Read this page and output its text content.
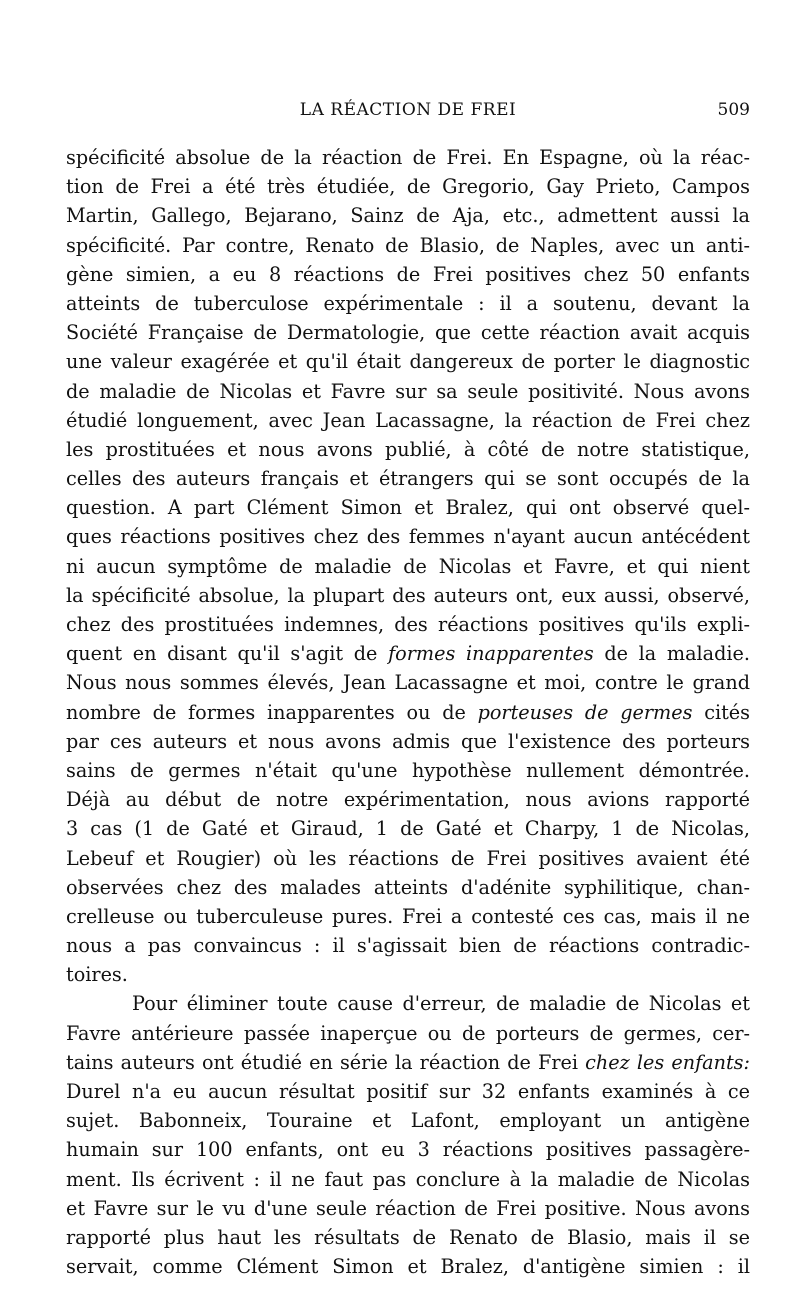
LA RÉACTION DE FREI	509
spécificité absolue de la réaction de Frei. En Espagne, où la réac-
tion de Frei a été très étudiée, de Gregorio, Gay Prieto, Campos
Martin, Gallego, Bejarano, Sainz de Aja, etc., admettent aussi la
spécificité. Par contre, Renato de Blasio, de Naples, avec un anti-
gène simien, a eu 8 réactions de Frei positives chez 50 enfants
atteints de tuberculose expérimentale : il a soutenu, devant la
Société Française de Dermatologie, que cette réaction avait acquis
une valeur exagérée et qu'il était dangereux de porter le diagnostic
de maladie de Nicolas et Favre sur sa seule positivité. Nous avons
étudié longuement, avec Jean Lacassagne, la réaction de Frei chez
les prostituées et nous avons publié, à côté de notre statistique,
celles des auteurs français et étrangers qui se sont occupés de la
question. A part Clément Simon et Bralez, qui ont observé quel-
ques réactions positives chez des femmes n'ayant aucun antécédent
ni aucun symptôme de maladie de Nicolas et Favre, et qui nient
la spécificité absolue, la plupart des auteurs ont, eux aussi, observé,
chez des prostituées indemnes, des réactions positives qu'ils expli-
quent en disant qu'il s'agit de formes inapparentes de la maladie.
Nous nous sommes élevés, Jean Lacassagne et moi, contre le grand
nombre de formes inapparentes ou de porteuses de germes cités
par ces auteurs et nous avons admis que l'existence des porteurs
sains de germes n'était qu'une hypothèse nullement démontrée.
Déjà au début de notre expérimentation, nous avions rapporté
3 cas (1 de Gaté et Giraud, 1 de Gaté et Charpy, 1 de Nicolas,
Lebeuf et Rougier) où les réactions de Frei positives avaient été
observées chez des malades atteints d'adénite syphilitique, chan-
crelleuse ou tuberculeuse pures. Frei a contesté ces cas, mais il ne
nous a pas convaincus : il s'agissait bien de réactions contradic-
toires.
Pour éliminer toute cause d'erreur, de maladie de Nicolas et
Favre antérieure passée inaperçue ou de porteurs de germes, cer-
tains auteurs ont étudié en série la réaction de Frei chez les enfants:
Durel n'a eu aucun résultat positif sur 32 enfants examinés à ce
sujet. Babonneix, Touraine et Lafont, employant un antigène
humain sur 100 enfants, ont eu 3 réactions positives passagère-
ment. Ils écrivent : il ne faut pas conclure à la maladie de Nicolas
et Favre sur le vu d'une seule réaction de Frei positive. Nous avons
rapporté plus haut les résultats de Renato de Blasio, mais il se
servait, comme Clément Simon et Bralez, d'antigène simien : il
